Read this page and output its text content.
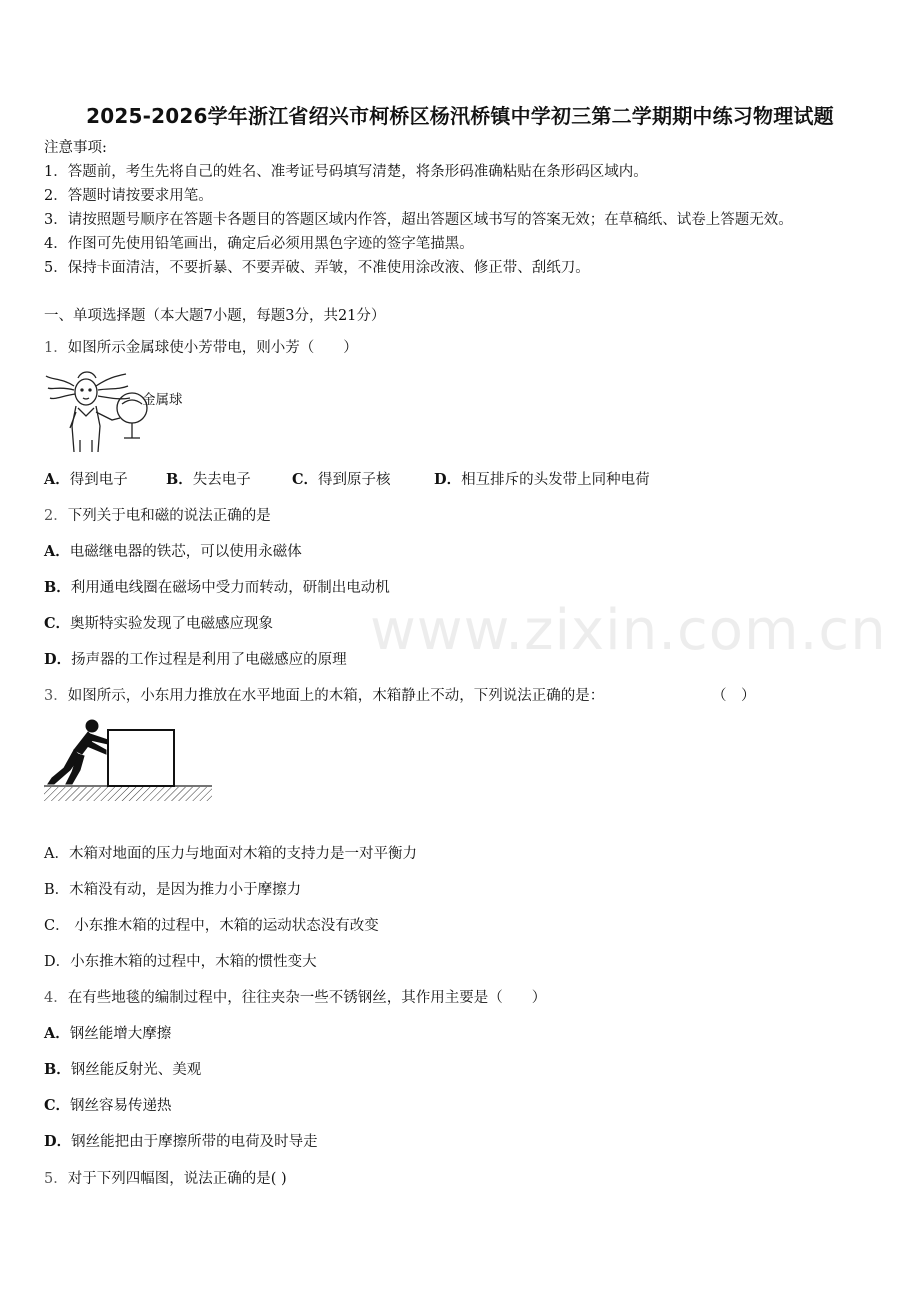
2025-2026学年浙江省绍兴市柯桥区杨汛桥镇中学初三第二学期期中练习物理试题
注意事项:
1．答题前，考生先将自己的姓名、准考证号码填写清楚，将条形码准确粘贴在条形码区域内。
2．答题时请按要求用笔。
3．请按照题号顺序在答题卡各题目的答题区域内作答，超出答题区域书写的答案无效；在草稿纸、试卷上答题无效。
4．作图可先使用铅笔画出，确定后必须用黑色字迹的签字笔描黑。
5．保持卡面清洁，不要折暴、不要弄破、弄皱，不准使用涂改液、修正带、刮纸刀。
一、单项选择题（本大题7小题，每题3分，共21分）
1．如图所示金属球使小芳带电，则小芳（　　）
金属球
A．得到电子	B．失去电子	C．得到原子核	D．相互排斥的头发带上同种电荷
2．下列关于电和磁的说法正确的是
A．电磁继电器的铁芯，可以使用永磁体
B．利用通电线圈在磁场中受力而转动，研制出电动机
C．奥斯特实验发现了电磁感应现象
D．扬声器的工作过程是利用了电磁感应的原理 www.zixin.com.cn
3．如图所示，小东用力推放在水平地面上的木箱，木箱静止不动，下列说法正确的是：	（　）
A．木箱对地面的压力与地面对木箱的支持力是一对平衡力
B．木箱没有动，是因为推力小于摩擦力
C． 小东推木箱的过程中，木箱的运动状态没有改变
D．小东推木箱的过程中，木箱的惯性变大
4．在有些地毯的编制过程中，往往夹杂一些不锈钢丝，其作用主要是（　　）
A．钢丝能增大摩擦
B．钢丝能反射光、美观
C．钢丝容易传递热
D．钢丝能把由于摩擦所带的电荷及时导走
5．对于下列四幅图，说法正确的是( )
